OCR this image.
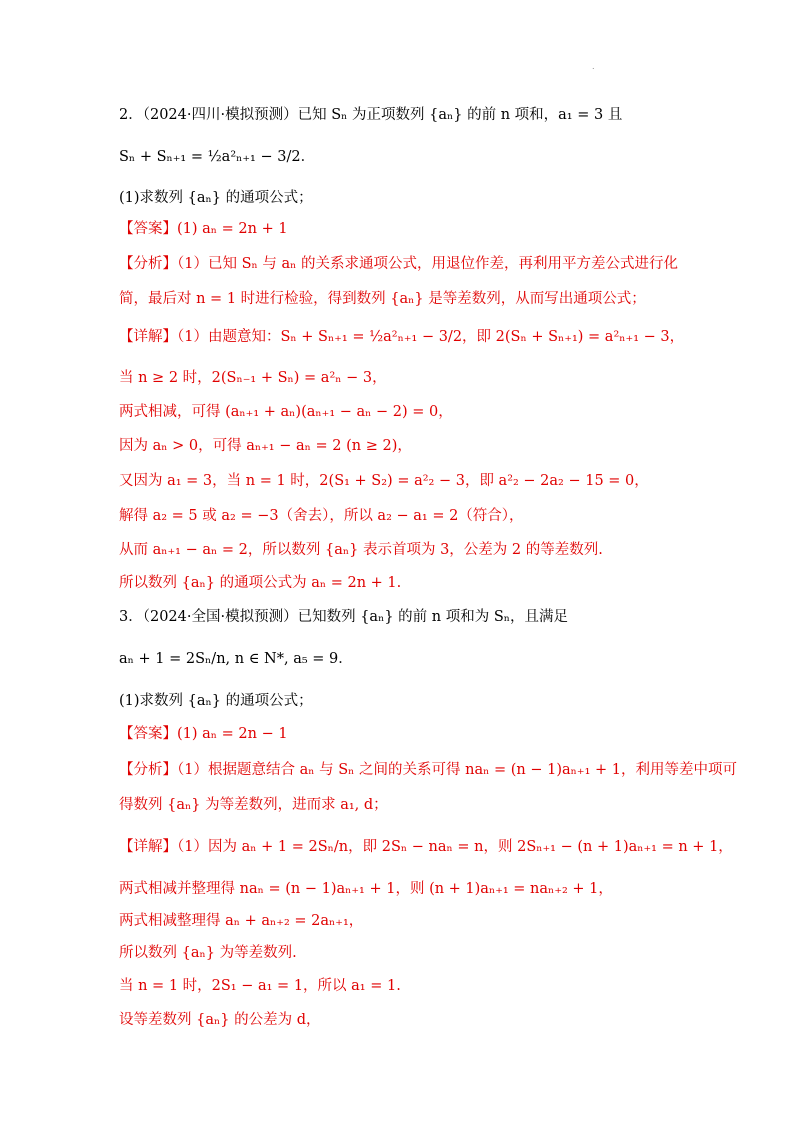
.
2．（2024·四川·模拟预测）已知 Sₙ 为正项数列 {aₙ} 的前 n 项和，a₁ = 3 且
Sₙ + Sₙ₊₁ = ½a²ₙ₊₁ − 3/2．
(1)求数列 {aₙ} 的通项公式；
【答案】(1) aₙ = 2n + 1
【分析】（1）已知 Sₙ 与 aₙ 的关系求通项公式，用退位作差，再利用平方差公式进行化
简，最后对 n = 1 时进行检验，得到数列 {aₙ} 是等差数列，从而写出通项公式；
【详解】（1）由题意知：Sₙ + Sₙ₊₁ = ½a²ₙ₊₁ − 3/2，即 2(Sₙ + Sₙ₊₁) = a²ₙ₊₁ − 3，
当 n ≥ 2 时，2(Sₙ₋₁ + Sₙ) = a²ₙ − 3，
两式相减，可得 (aₙ₊₁ + aₙ)(aₙ₊₁ − aₙ − 2) = 0，
因为 aₙ > 0，可得 aₙ₊₁ − aₙ = 2 (n ≥ 2)，
又因为 a₁ = 3，当 n = 1 时，2(S₁ + S₂) = a²₂ − 3，即 a²₂ − 2a₂ − 15 = 0，
解得 a₂ = 5 或 a₂ = −3（舍去），所以 a₂ − a₁ = 2（符合），
从而 aₙ₊₁ − aₙ = 2，所以数列 {aₙ} 表示首项为 3，公差为 2 的等差数列.
所以数列 {aₙ} 的通项公式为 aₙ = 2n + 1.
3．（2024·全国·模拟预测）已知数列 {aₙ} 的前 n 项和为 Sₙ，且满足
aₙ + 1 = 2Sₙ/n, n ∈ N*, a₅ = 9．
(1)求数列 {aₙ} 的通项公式；
【答案】(1) aₙ = 2n − 1
【分析】（1）根据题意结合 aₙ 与 Sₙ 之间的关系可得 naₙ = (n − 1)aₙ₊₁ + 1，利用等差中项可
得数列 {aₙ} 为等差数列，进而求 a₁, d；
【详解】（1）因为 aₙ + 1 = 2Sₙ/n，即 2Sₙ − naₙ = n，则 2Sₙ₊₁ − (n + 1)aₙ₊₁ = n + 1，
两式相减并整理得 naₙ = (n − 1)aₙ₊₁ + 1，则 (n + 1)aₙ₊₁ = naₙ₊₂ + 1，
两式相减整理得 aₙ + aₙ₊₂ = 2aₙ₊₁，
所以数列 {aₙ} 为等差数列.
当 n = 1 时，2S₁ − a₁ = 1，所以 a₁ = 1.
设等差数列 {aₙ} 的公差为 d，
